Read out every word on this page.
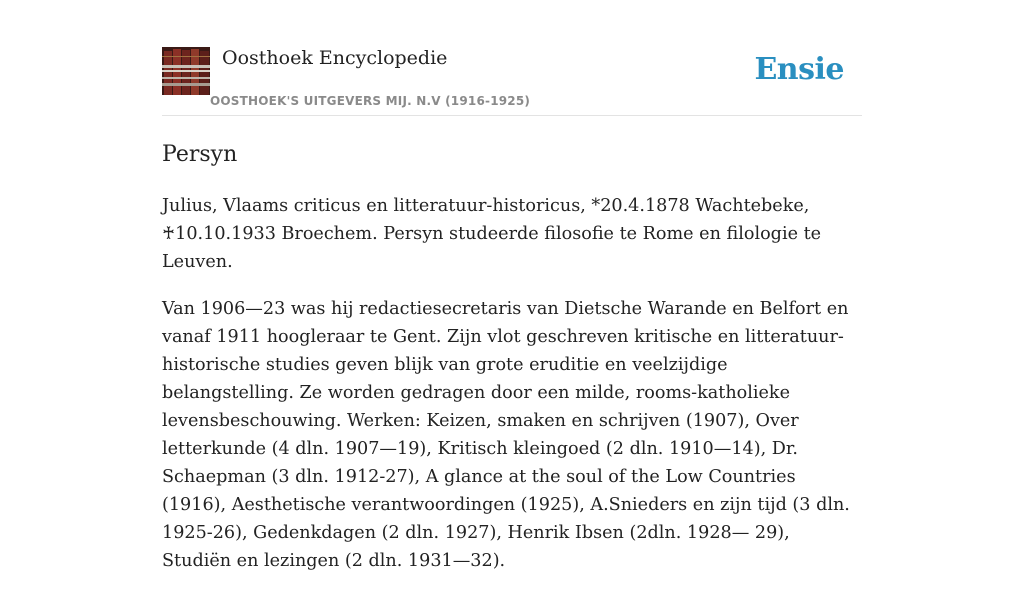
Oosthoek Encyclopedie
OOSTHOEK'S UITGEVERS MIJ. N.V (1916-1925)
Ensie
Persyn

Julius, Vlaams criticus en litteratuur-historicus, *20.4.1878 Wachtebeke, ♰10.10.1933 Broechem. Persyn studeerde filosofie te Rome en filologie te Leuven.

Van 1906—23 was hij redactiesecretaris van Dietsche Warande en Belfort en vanaf 1911 hoogleraar te Gent. Zijn vlot geschreven kritische en litteratuur-historische studies geven blijk van grote eruditie en veelzijdige belangstelling. Ze worden gedragen door een milde, rooms-katholieke levensbeschouwing. Werken: Keizen, smaken en schrijven (1907), Over letterkunde (4 dln. 1907—19), Kritisch kleingoed (2 dln. 1910—14), Dr. Schaepman (3 dln. 1912-27), A glance at the soul of the Low Countries (1916), Aesthetische verantwoordingen (1925), A.Snieders en zijn tijd (3 dln. 1925-26), Gedenkdagen (2 dln. 1927), Henrik Ibsen (2dln. 1928— 29), Studiën en lezingen (2 dln. 1931—32).
